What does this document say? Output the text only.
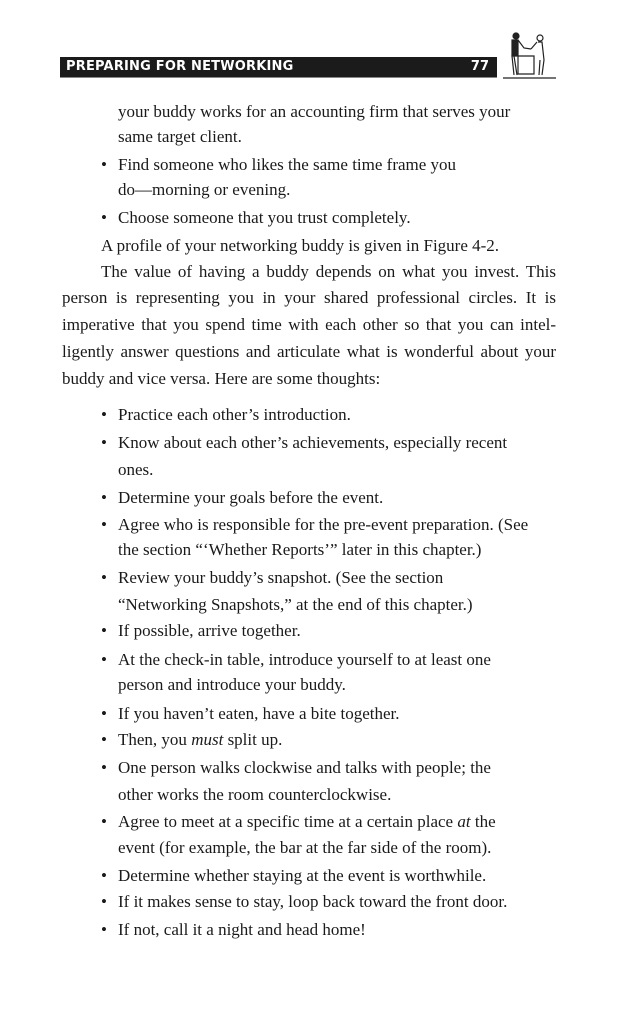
PREPARING FOR NETWORKING	77
your buddy works for an accounting firm that serves your
same target client.
Find someone who likes the same time frame you
•
do—morning or evening.
Choose someone that you trust completely.
•
A profile of your networking buddy is given in Figure 4-2.
The value of having a buddy depends on what you invest. This
person is representing you in your shared professional circles. It is
imperative that you spend time with each other so that you can intel-
ligently answer questions and articulate what is wonderful about your
buddy and vice versa. Here are some thoughts:
Practice each other’s introduction.
•
Know about each other’s achievements, especially recent
•
ones.
Determine your goals before the event.
•
Agree who is responsible for the pre-event preparation. (See
•
the section “‘Whether Reports’” later in this chapter.)
Review your buddy’s snapshot. (See the section
•
“Networking Snapshots,” at the end of this chapter.)
If possible, arrive together.
•
At the check-in table, introduce yourself to at least one
•
person and introduce your buddy.
If you haven’t eaten, have a bite together.
•
Then, you must split up.
•
One person walks clockwise and talks with people; the
•
other works the room counterclockwise.
Agree to meet at a specific time at a certain place at the
•
event (for example, the bar at the far side of the room).
Determine whether staying at the event is worthwhile.
•
If it makes sense to stay, loop back toward the front door.
•
If not, call it a night and head home!
•
